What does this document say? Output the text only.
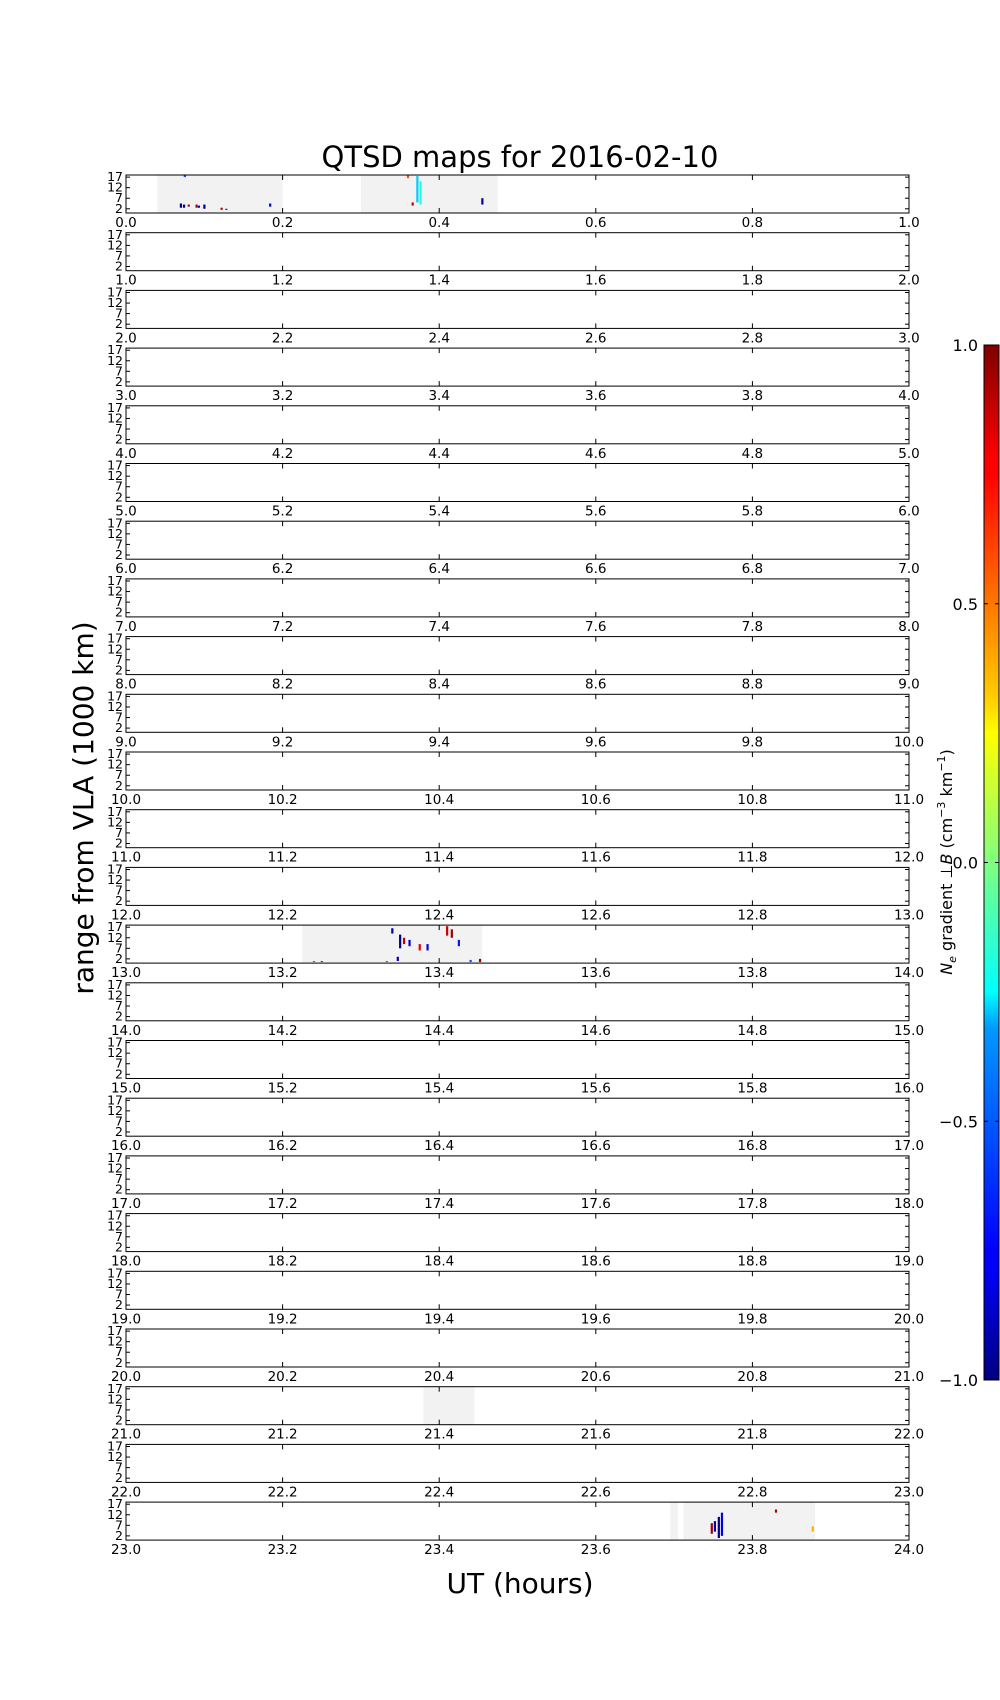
QTSD maps for 2016-02-10
range from VLA (1000 km)
UT (hours)
17
12
7
2
0.0	0.2	0.4	0.6	0.8	1.0
17
12
7
2
1.0	1.2	1.4	1.6	1.8	2.0
17
12
7
2
2.0	2.2	2.4	2.6	2.8	3.0
17
12
7
2
3.0	3.2	3.4	3.6	3.8	4.0
17
12
7
2
4.0	4.2	4.4	4.6	4.8	5.0
17
12
7
2
5.0	5.2	5.4	5.6	5.8	6.0
17
12
7
2
6.0	6.2	6.4	6.6	6.8	7.0
17
12
7
2
7.0	7.2	7.4	7.6	7.8	8.0
17
12
7
2
8.0	8.2	8.4	8.6	8.8	9.0
17
12
7
2
9.0	9.2	9.4	9.6	9.8	10.0
17
12
7
2
10.0	10.2	10.4	10.6	10.8	11.0
17
12
7
2
11.0	11.2	11.4	11.6	11.8	12.0
17
12
7
2
12.0	12.2	12.4	12.6	12.8	13.0
17
12
7
2
13.0	13.2	13.4	13.6	13.8	14.0
17
12
7
2
14.0	14.2	14.4	14.6	14.8	15.0
17
12
7
2
15.0	15.2	15.4	15.6	15.8	16.0
17
12
7
2
16.0	16.2	16.4	16.6	16.8	17.0
17
12
7
2
17.0	17.2	17.4	17.6	17.8	18.0
17
12
7
2
18.0	18.2	18.4	18.6	18.8	19.0
17
12
7
2
19.0	19.2	19.4	19.6	19.8	20.0
17
12
7
2
20.0	20.2	20.4	20.6	20.8	21.0
17
12
7
2
21.0	21.2	21.4	21.6	21.8	22.0
17
12
7
2
22.0	22.2	22.4	22.6	22.8	23.0
17
12
7
2
23.0	23.2	23.4	23.6	23.8	24.0
1.0
0.5
0.0
−0.5
−1.0
$N_e$ gradient ⊥B ($cm^{-3}$ $km^{-1}$)
